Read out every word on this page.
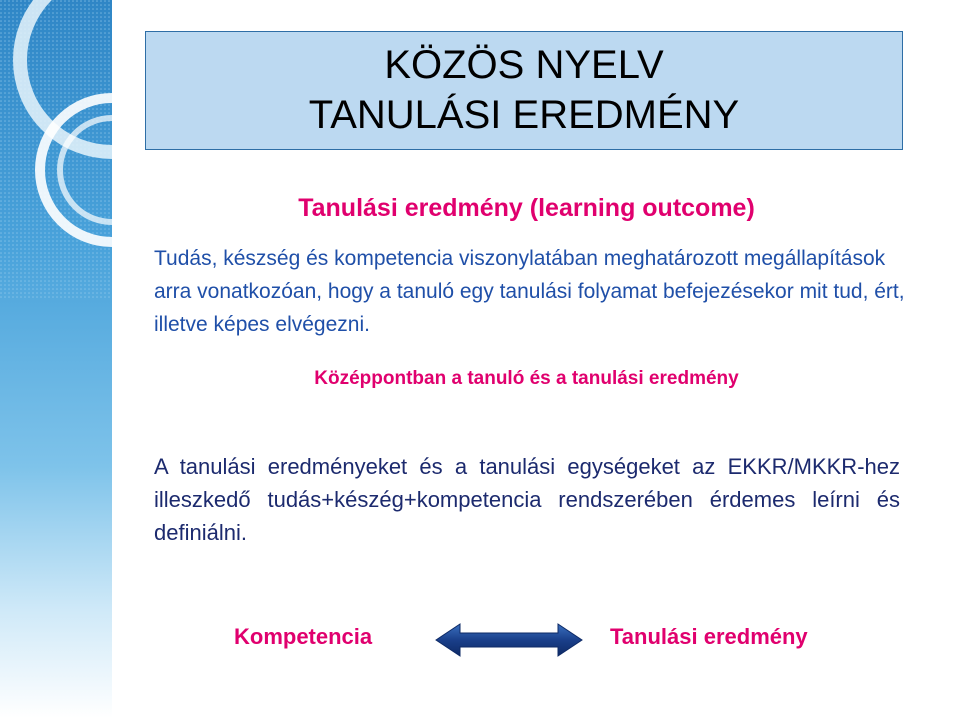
KÖZÖS NYELV
TANULÁSI EREDMÉNY
Tanulási eredmény (learning outcome)
Tudás, készség és kompetencia viszonylatában meghatározott megállapítások arra vonatkozóan, hogy a tanuló egy tanulási folyamat befejezésekor mit tud, ért, illetve képes elvégezni.
Középpontban a tanuló és a tanulási eredmény
A tanulási eredményeket és a tanulási egységeket az EKKR/MKKR-hez illeszkedő tudás+készég+kompetencia rendszerében érdemes leírni és definiálni.
Kompetencia	Tanulási eredmény
